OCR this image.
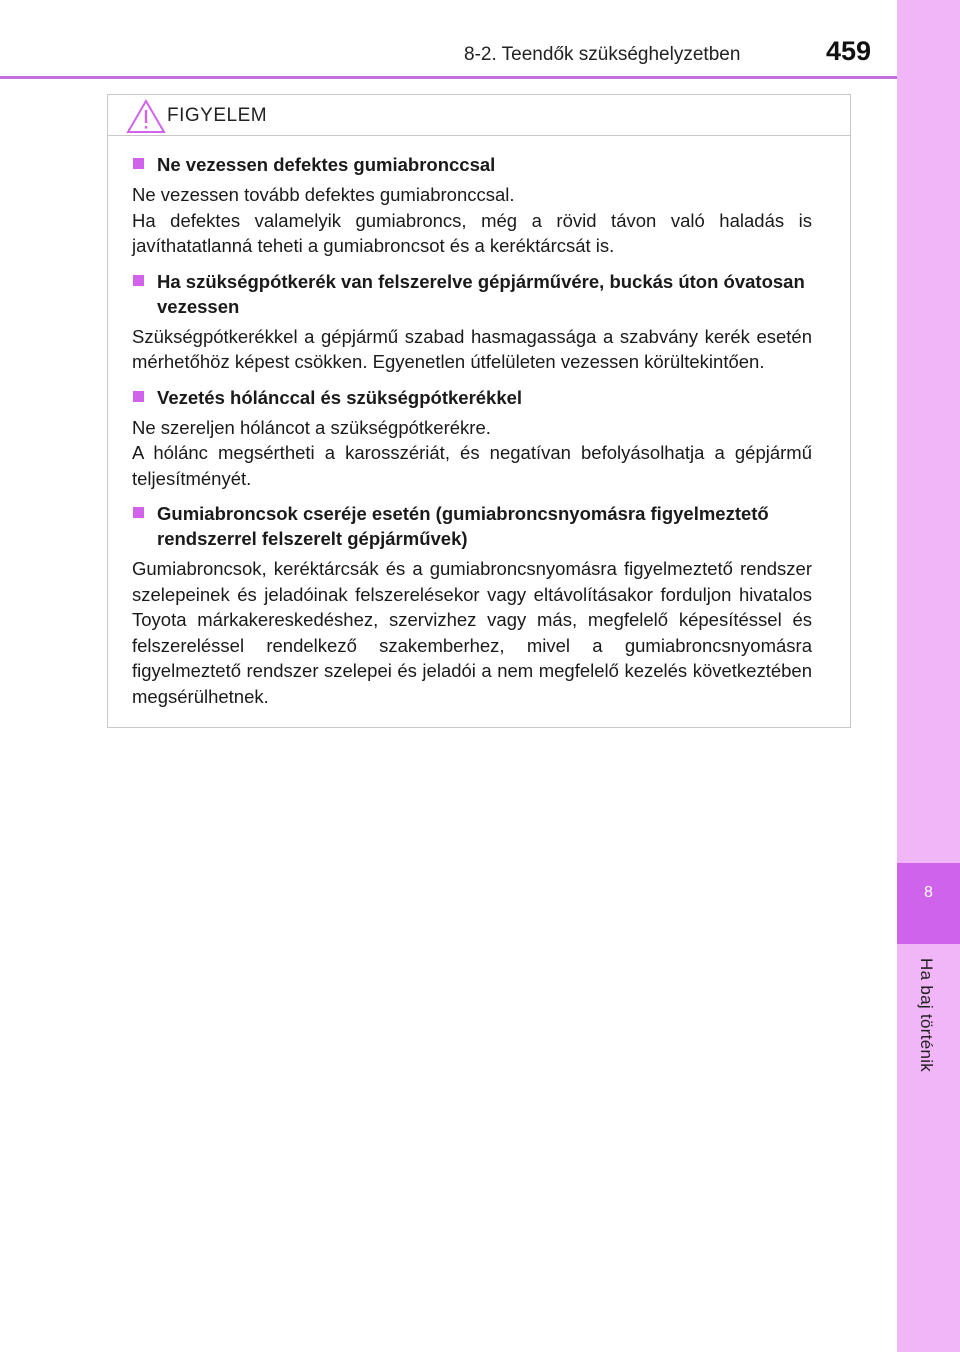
8-2. Teendők szükséghelyzetben	459
8
Ha baj történik
FIGYELEM
Ne vezessen defektes gumiabronccsal
Ne vezessen tovább defektes gumiabronccsal.
Ha defektes valamelyik gumiabroncs, még a rövid távon való haladás is javíthatatlanná teheti a gumiabroncsot és a keréktárcsát is.
Ha szükségpótkerék van felszerelve gépjárművére, buckás úton óvatosan vezessen
Szükségpótkerékkel a gépjármű szabad hasmagassága a szabvány kerék esetén mérhetőhöz képest csökken. Egyenetlen útfelületen vezessen körültekintően.
Vezetés hólánccal és szükségpótkerékkel
Ne szereljen hóláncot a szükségpótkerékre.
A hólánc megsértheti a karosszériát, és negatívan befolyásolhatja a gépjármű teljesítményét.
Gumiabroncsok cseréje esetén (gumiabroncsnyomásra figyelmeztető rendszerrel felszerelt gépjárművek)
Gumiabroncsok, keréktárcsák és a gumiabroncsnyomásra figyelmeztető rendszer szelepeinek és jeladóinak felszerelésekor vagy eltávolításakor forduljon hivatalos Toyota márkakereskedéshez, szervizhez vagy más, megfelelő képesítéssel és felszereléssel rendelkező szakemberhez, mivel a gumiabroncsnyomásra figyelmeztető rendszer szelepei és jeladói a nem megfelelő kezelés következtében megsérülhetnek.
